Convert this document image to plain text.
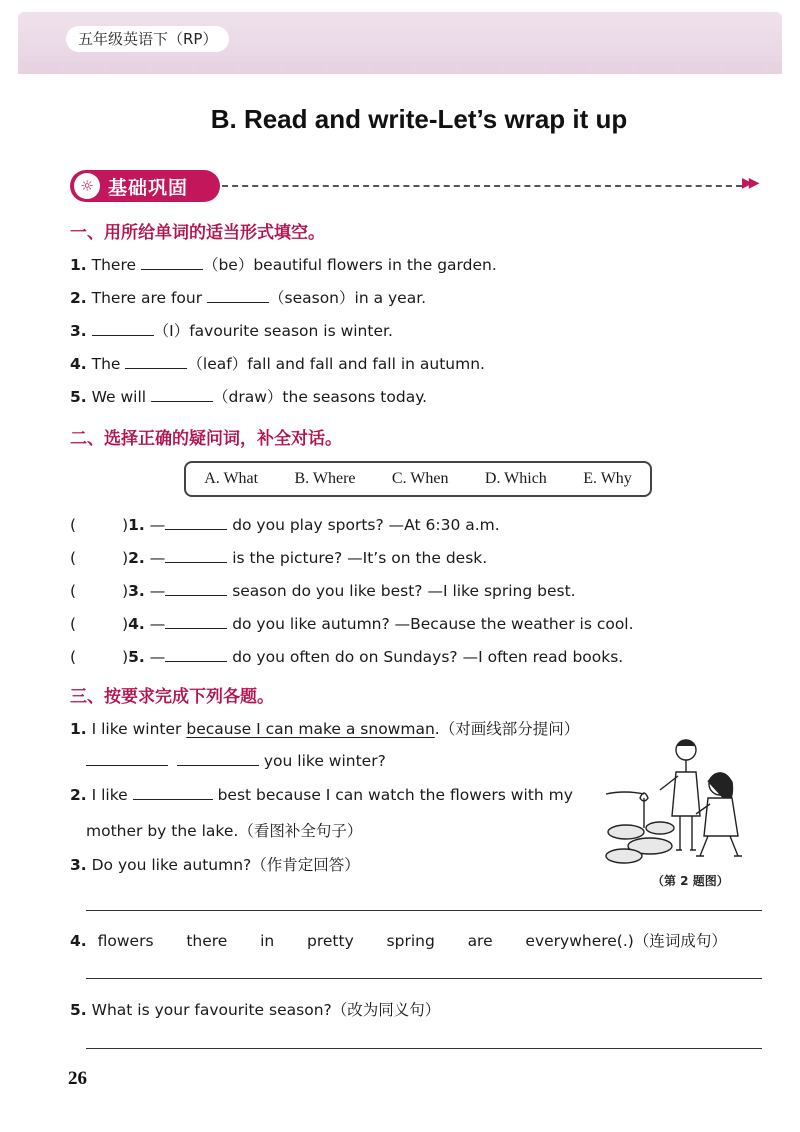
五年级英语下（RP）
B. Read and write-Let’s wrap it up
☼ 基础巩固	▶▶
一、用所给单词的适当形式填空。
1. There	（be）beautiful flowers in the garden.
2. There are four	（season）in a year.
3.	（I）favourite season is winter.
4. The	（leaf）fall and fall and fall in autumn.
5. We will	（draw）the seasons today.
二、选择正确的疑问词，补全对话。
A. What B. Where C. When D. Which E. Why
(	)1. —	do you play sports? —At 6:30 a.m.
(	)2. —	is the picture? —It’s on the desk.
(	)3. —	season do you like best? —I like spring best.
(	)4. —	do you like autumn? —Because the weather is cool.
(	)5. —	do you often do on Sundays? —I often read books.
三、按要求完成下列各题。
1. I like winter because I can make a snowman.（对画线部分提问）
you like winter?
2. I like	best because I can watch the flowers with my
mother by the lake.（看图补全句子）
3. Do you like autumn?（作肯定回答）
4. flowers   there   in   pretty   spring   are   everywhere(.)（连词成句）
5. What is your favourite season?（改为同义句）
（第 2 题图）
26
